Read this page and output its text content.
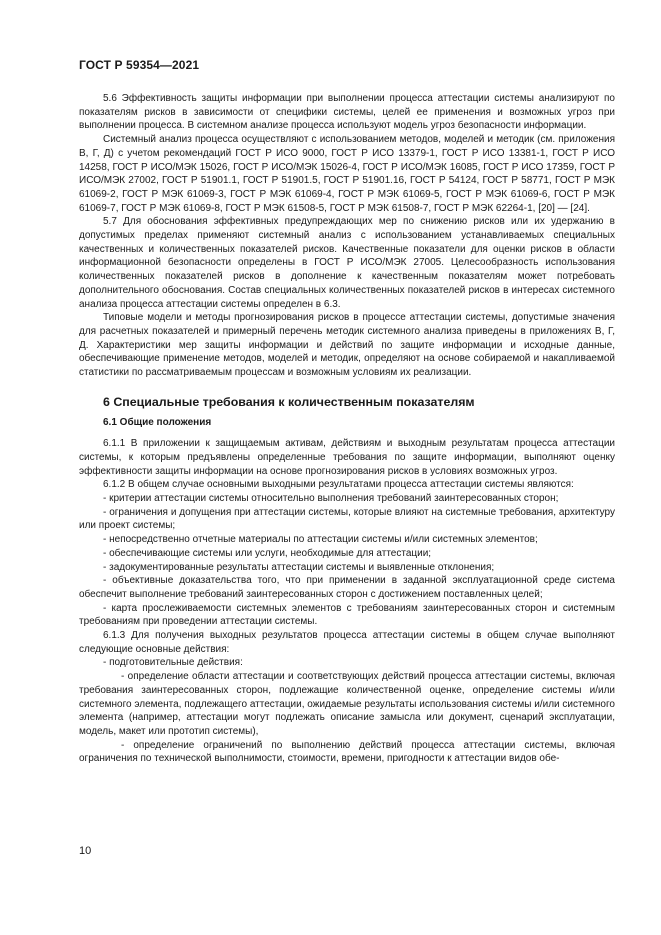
ГОСТ Р 59354—2021

5.6 Эффективность защиты информации при выполнении процесса аттестации системы анализируют по показателям рисков в зависимости от специфики системы, целей ее применения и возможных угроз при выполнении процесса. В системном анализе процесса используют модель угроз безопасности информации.

Системный анализ процесса осуществляют с использованием методов, моделей и методик (см. приложения В, Г, Д) с учетом рекомендаций ГОСТ Р ИСО 9000, ГОСТ Р ИСО 13379-1, ГОСТ Р ИСО 13381-1, ГОСТ Р ИСО 14258, ГОСТ Р ИСО/МЭК 15026, ГОСТ Р ИСО/МЭК 15026-4, ГОСТ Р ИСО/МЭК 16085, ГОСТ Р ИСО 17359, ГОСТ Р ИСО/МЭК 27002, ГОСТ Р 51901.1, ГОСТ Р 51901.5, ГОСТ Р 51901.16, ГОСТ Р 54124, ГОСТ Р 58771, ГОСТ Р МЭК 61069-2, ГОСТ Р МЭК 61069-3, ГОСТ Р МЭК 61069-4, ГОСТ Р МЭК 61069-5, ГОСТ Р МЭК 61069-6, ГОСТ Р МЭК 61069-7, ГОСТ Р МЭК 61069-8, ГОСТ Р МЭК 61508-5, ГОСТ Р МЭК 61508-7, ГОСТ Р МЭК 62264-1, [20] — [24].

5.7 Для обоснования эффективных предупреждающих мер по снижению рисков или их удержанию в допустимых пределах применяют системный анализ с использованием устанавливаемых специальных качественных и количественных показателей рисков. Качественные показатели для оценки рисков в области информационной безопасности определены в ГОСТ Р ИСО/МЭК 27005. Целесообразность использования количественных показателей рисков в дополнение к качественным показателям может потребовать дополнительного обоснования. Состав специальных количественных показателей рисков в интересах системного анализа процесса аттестации системы определен в 6.3.

Типовые модели и методы прогнозирования рисков в процессе аттестации системы, допустимые значения для расчетных показателей и примерный перечень методик системного анализа приведены в приложениях В, Г, Д. Характеристики мер защиты информации и действий по защите информации и исходные данные, обеспечивающие применение методов, моделей и методик, определяют на основе собираемой и накапливаемой статистики по рассматриваемым процессам и возможным условиям их реализации.

6 Специальные требования к количественным показателям
6.1 Общие положения

6.1.1 В приложении к защищаемым активам, действиям и выходным результатам процесса аттестации системы, к которым предъявлены определенные требования по защите информации, выполняют оценку эффективности защиты информации на основе прогнозирования рисков в условиях возможных угроз.

6.1.2 В общем случае основными выходными результатами процесса аттестации системы являются:

- критерии аттестации системы относительно выполнения требований заинтересованных сторон;

- ограничения и допущения при аттестации системы, которые влияют на системные требования, архитектуру или проект системы;

- непосредственно отчетные материалы по аттестации системы и/или системных элементов;

- обеспечивающие системы или услуги, необходимые для аттестации;

- задокументированные результаты аттестации системы и выявленные отклонения;

- объективные доказательства того, что при применении в заданной эксплуатационной среде система обеспечит выполнение требований заинтересованных сторон с достижением поставленных целей;

- карта прослеживаемости системных элементов с требованиям заинтересованных сторон и системным требованиям при проведении аттестации системы.

6.1.3 Для получения выходных результатов процесса аттестации системы в общем случае выполняют следующие основные действия:

- подготовительные действия:

- определение области аттестации и соответствующих действий процесса аттестации системы, включая требования заинтересованных сторон, подлежащие количественной оценке, определение системы и/или системного элемента, подлежащего аттестации, ожидаемые результаты использования системы и/или системного элемента (например, аттестации могут подлежать описание замысла или документ, сценарий эксплуатации, модель, макет или прототип системы),

- определение ограничений по выполнению действий процесса аттестации системы, включая ограничения по технической выполнимости, стоимости, времени, пригодности к аттестации видов обе-

10
